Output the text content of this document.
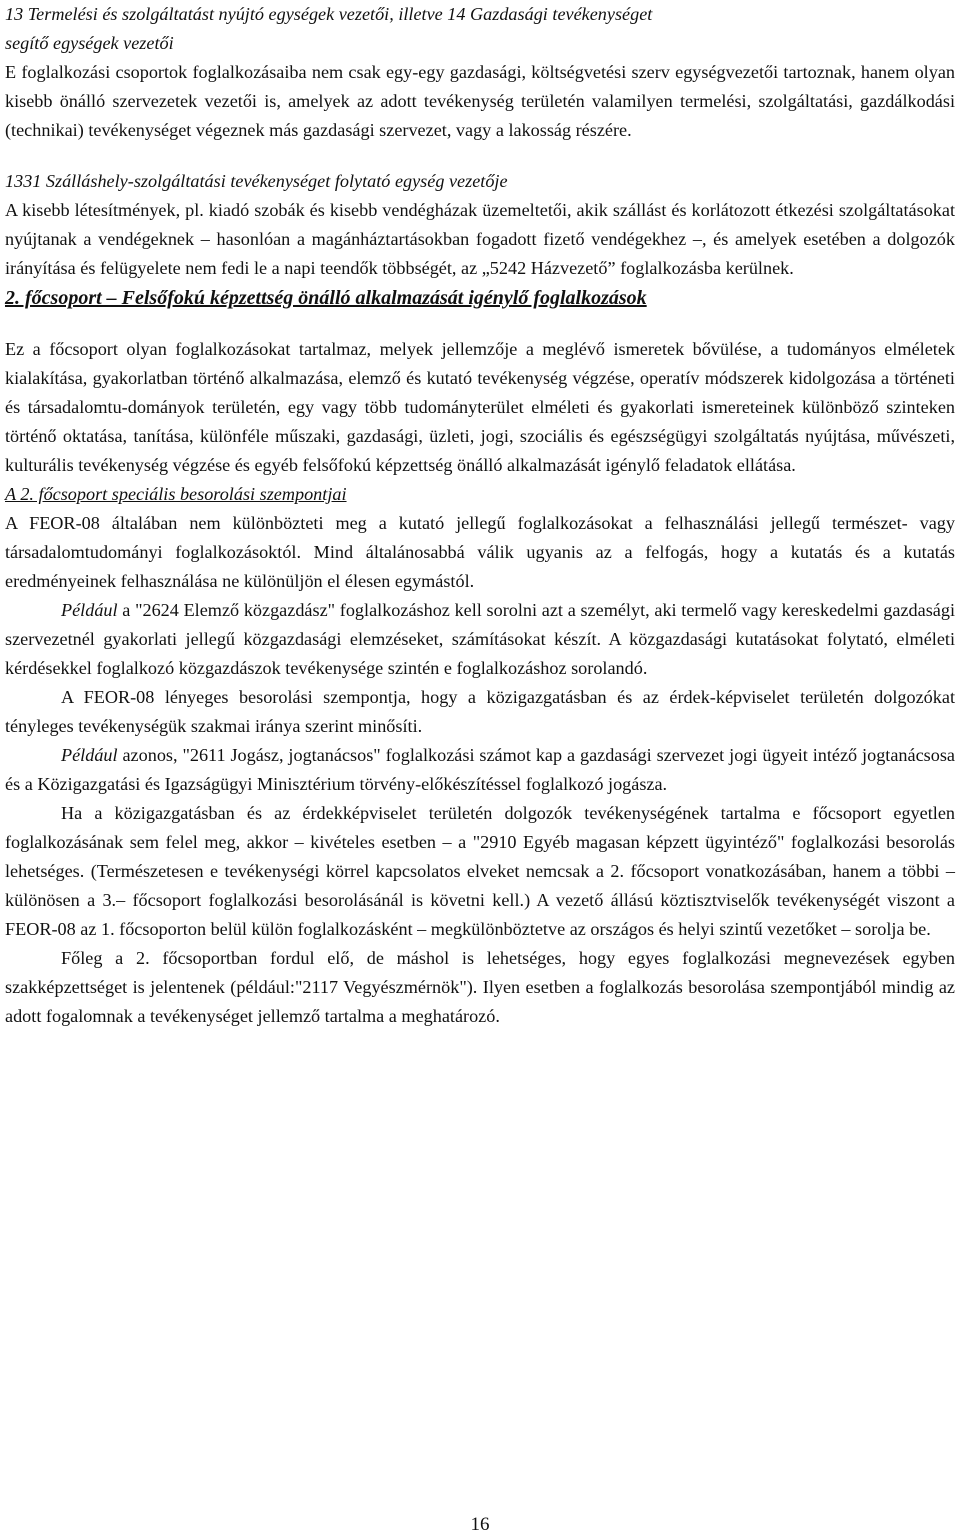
13 Termelési és szolgáltatást nyújtó egységek vezetői, illetve 14 Gazdasági tevékenységet
segítő egységek vezetői

E foglalkozási csoportok foglalkozásaiba nem csak egy-egy gazdasági, költségvetési szerv egységvezetői tartoznak, hanem olyan kisebb önálló szervezetek vezetői is, amelyek az adott tevékenység területén valamilyen termelési, szolgáltatási, gazdálkodási (technikai) tevékenységet végeznek más gazdasági szervezet, vagy a lakosság részére.

1331 Szálláshely-szolgáltatási tevékenységet folytató egység vezetője

A kisebb létesítmények, pl. kiadó szobák és kisebb vendégházak üzemeltetői, akik szállást és korlátozott étkezési szolgáltatásokat nyújtanak a vendégeknek – hasonlóan a magánháztartásokban fogadott fizető vendégekhez –, és amelyek esetében a dolgozók irányítása és felügyelete nem fedi le a napi teendők többségét, az „5242 Házvezető” foglalkozásba kerülnek.

2. főcsoport – Felsőfokú képzettség önálló alkalmazását igénylő foglalkozások

Ez a főcsoport olyan foglalkozásokat tartalmaz, melyek jellemzője a meglévő ismeretek bővülése, a tudományos elméletek kialakítása, gyakorlatban történő alkalmazása, elemző és kutató tevékenység végzése, operatív módszerek kidolgozása a történeti és társadalomtu-dományok területén, egy vagy több tudományterület elméleti és gyakorlati ismereteinek különböző szinteken történő oktatása, tanítása, különféle műszaki, gazdasági, üzleti, jogi, szociális és egészségügyi szolgáltatás nyújtása, művészeti, kulturális tevékenység végzése és egyéb felsőfokú képzettség önálló alkalmazását igénylő feladatok ellátása.

A 2. főcsoport speciális besorolási szempontjai

A FEOR-08 általában nem különbözteti meg a kutató jellegű foglalkozásokat a felhasználási jellegű természet- vagy társadalomtudományi foglalkozásoktól. Mind általánosabbá válik ugyanis az a felfogás, hogy a kutatás és a kutatás eredményeinek felhasználása ne különüljön el élesen egymástól.

Például a "2624 Elemző közgazdász" foglalkozáshoz kell sorolni azt a személyt, aki termelő vagy kereskedelmi gazdasági szervezetnél gyakorlati jellegű közgazdasági elemzéseket, számításokat készít. A közgazdasági kutatásokat folytató, elméleti kérdésekkel foglalkozó közgazdászok tevékenysége szintén e foglalkozáshoz sorolandó.

A FEOR-08 lényeges besorolási szempontja, hogy a közigazgatásban és az érdek-képviselet területén dolgozókat tényleges tevékenységük szakmai iránya szerint minősíti.

Például azonos, "2611 Jogász, jogtanácsos" foglalkozási számot kap a gazdasági szervezet jogi ügyeit intéző jogtanácsosa és a Közigazgatási és Igazságügyi Minisztérium törvény-előkészítéssel foglalkozó jogásza.

Ha a közigazgatásban és az érdekképviselet területén dolgozók tevékenységének tartalma e főcsoport egyetlen foglalkozásának sem felel meg, akkor – kivételes esetben – a "2910 Egyéb magasan képzett ügyintéző" foglalkozási besorolás lehetséges. (Természetesen e tevékenységi körrel kapcsolatos elveket nemcsak a 2. főcsoport vonatkozásában, hanem a többi – különösen a 3.– főcsoport foglalkozási besorolásánál is követni kell.) A vezető állású köztisztviselők tevékenységét viszont a FEOR-08 az 1. főcsoporton belül külön foglalkozásként – megkülönböztetve az országos és helyi szintű vezetőket – sorolja be.

Főleg a 2. főcsoportban fordul elő, de máshol is lehetséges, hogy egyes foglalkozási megnevezések egyben szakképzettséget is jelentenek (például:"2117 Vegyészmérnök"). Ilyen esetben a foglalkozás besorolása szempontjából mindig az adott fogalomnak a tevékenységet jellemző tartalma a meghatározó.

16
